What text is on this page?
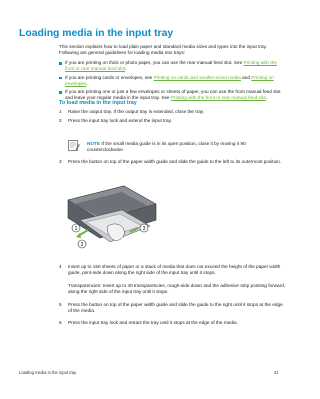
Loading media in the input tray

This section explains how to load plain paper and standard media sizes and types into the input tray. Following are general guidelines for loading media into trays:

If you are printing on thick or photo paper, you can use the rear manual feed slot. See Printing with the front or rear manual feed slot.
If you are printing cards or envelopes, see Printing on cards and smaller-sized media and Printing on envelopes.
If you are printing one or just a few envelopes or sheets of paper, you can use the front manual feed slot and leave your regular media in the input tray. See Printing with the front or rear manual feed slot.
To load media in the input tray
1 Raise the output tray. If the output tray is extended, close the tray.
2 Press the input tray lock and extend the input tray.
NOTE If the small media guide is in its open position, close it by moving it 90 counterclockwise.
3 Press the button on top of the paper width guide and slide the guide to the left to its outermost position.
1
2
3
4 Insert up to 150 sheets of paper or a stack of media that does not exceed the height of the paper width guide, print-side down along the right side of the input tray until it stops.
Transparencies: Insert up to 30 transparencies, rough-side down and the adhesive strip pointing forward, along the right side of the input tray until it stops.
5 Press the button on top of the paper width guide and slide the guide to the right until it stops at the edge of the media.
6 Press the input tray lock and retract the tray until it stops at the edge of the media.
Loading media in the input tray	41
